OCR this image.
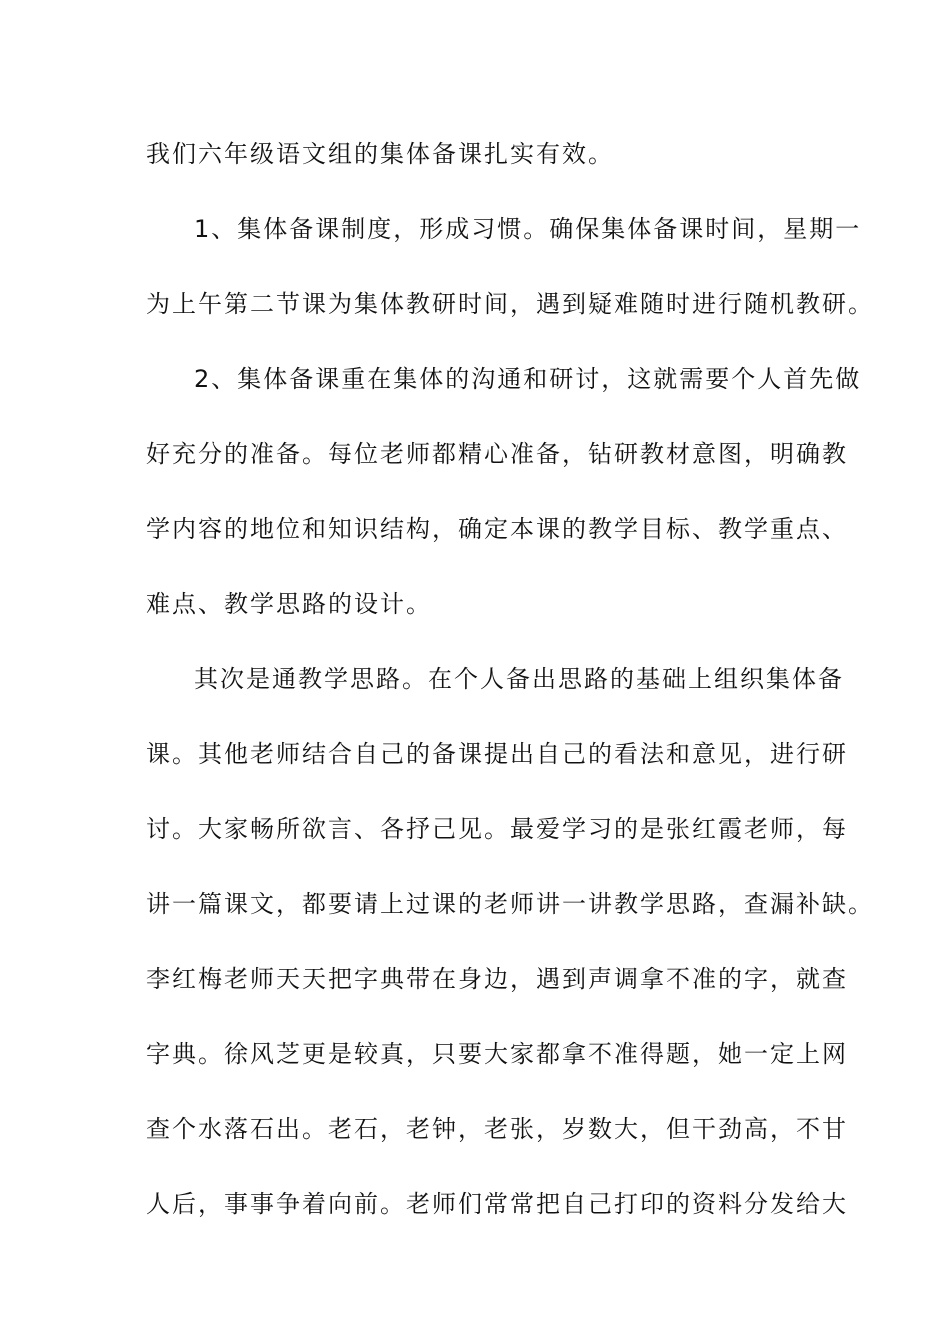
我们六年级语文组的集体备课扎实有效。
1、集体备课制度，形成习惯。确保集体备课时间，星期一
为上午第二节课为集体教研时间，遇到疑难随时进行随机教研。
2、集体备课重在集体的沟通和研讨，这就需要个人首先做
好充分的准备。每位老师都精心准备，钻研教材意图，明确教
学内容的地位和知识结构，确定本课的教学目标、教学重点、
难点、教学思路的设计。
其次是通教学思路。在个人备出思路的基础上组织集体备
课。其他老师结合自己的备课提出自己的看法和意见，进行研
讨。大家畅所欲言、各抒己见。最爱学习的是张红霞老师，每
讲一篇课文，都要请上过课的老师讲一讲教学思路，查漏补缺。
李红梅老师天天把字典带在身边，遇到声调拿不准的字，就查
字典。徐风芝更是较真，只要大家都拿不准得题，她一定上网
查个水落石出。老石，老钟，老张，岁数大，但干劲高，不甘
人后，事事争着向前。老师们常常把自己打印的资料分发给大
